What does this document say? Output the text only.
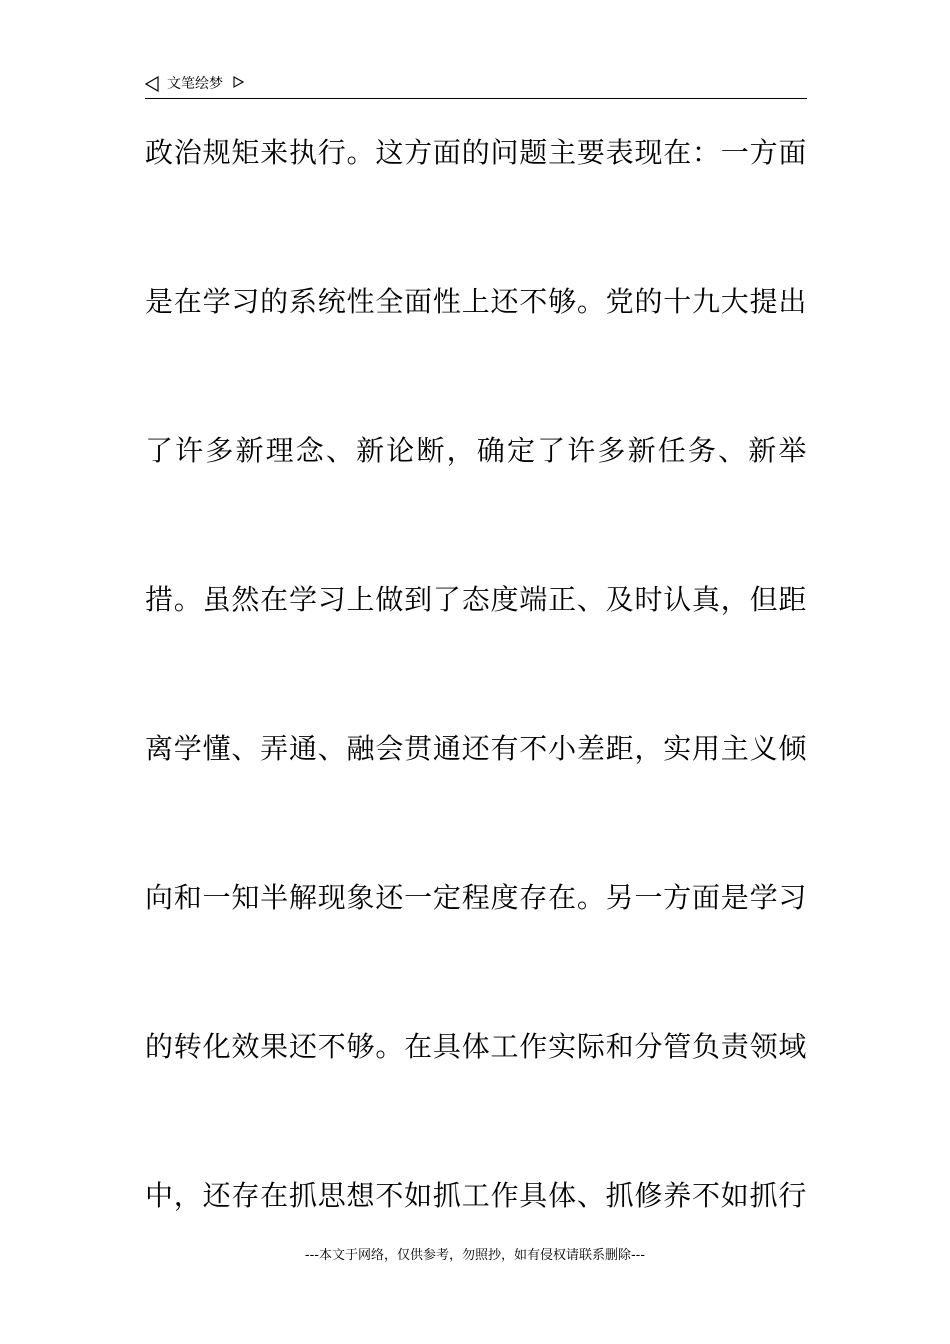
文笔绘梦
政治规矩来执行。这方面的问题主要表现在：一方面
是在学习的系统性全面性上还不够。党的十九大提出
了许多新理念、新论断，确定了许多新任务、新举
措。虽然在学习上做到了态度端正、及时认真，但距
离学懂、弄通、融会贯通还有不小差距，实用主义倾
向和一知半解现象还一定程度存在。另一方面是学习
的转化效果还不够。在具体工作实际和分管负责领域
中，还存在抓思想不如抓工作具体、抓修养不如抓行
---本文于网络，仅供参考，勿照抄，如有侵权请联系删除---
